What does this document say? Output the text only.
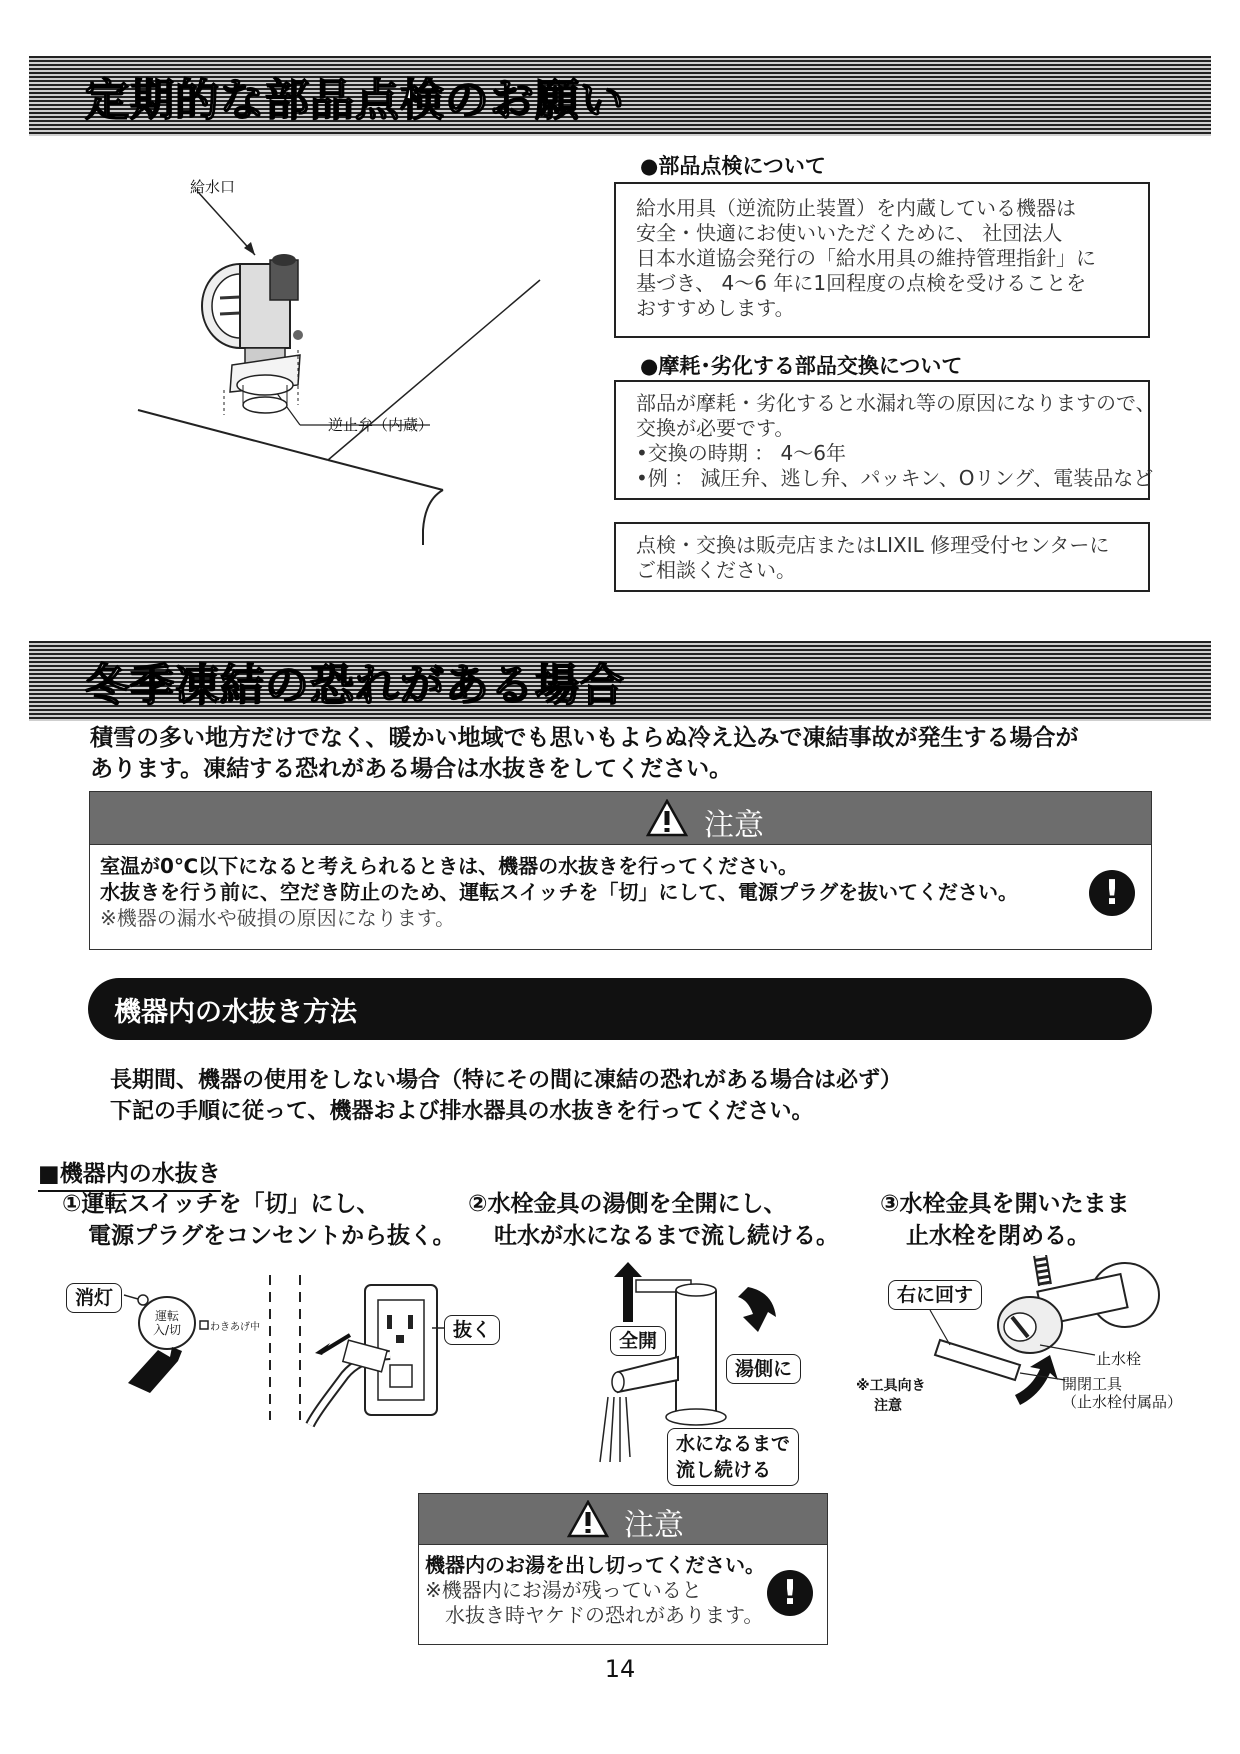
定期的な部品点検のお願い
給水口
逆止弁（内蔵）
●部品点検について
給水用具（逆流防止装置）を内蔵している機器は
安全・快適にお使いいただくために、 社団法人
日本水道協会発行の「給水用具の維持管理指針」に
基づき、 4～6 年に1回程度の点検を受けることを
おすすめします。
●摩耗･劣化する部品交換について
部品が摩耗・劣化すると水漏れ等の原因になりますので、
交換が必要です。
•交換の時期 ： 4～6年
•例 ： 減圧弁、逃し弁、パッキン、Oリング、電装品など
点検・交換は販売店またはLIXIL 修理受付センターに
ご相談ください。
冬季凍結の恐れがある場合
積雪の多い地方だけでなく、暖かい地域でも思いもよらぬ冷え込みで凍結事故が発生する場合が
あります。凍結する恐れがある場合は水抜きをしてください。
注意
室温が0℃以下になると考えられるときは、機器の水抜きを行ってください。
水抜きを行う前に、空だき防止のため、運転スイッチを「切」にして、電源プラグを抜いてください。
※機器の漏水や破損の原因になります。
!
機器内の水抜き方法
長期間、機器の使用をしない場合（特にその間に凍結の恐れがある場合は必ず）
下記の手順に従って、機器および排水器具の水抜きを行ってください。
■機器内の水抜き
①運転スイッチを「切」にし、
電源プラグをコンセントから抜く。
②水栓金具の湯側を全開にし、
吐水が水になるまで流し続ける。
③水栓金具を開いたまま
止水栓を閉める。
消灯
運転
入/切	わきあげ中	抜く	全開
湯側に
水になるまで
流し続ける
右に回す
※工具向き
注意
止水栓
開閉工具
（止水栓付属品）
注意
機器内のお湯を出し切ってください。
※機器内にお湯が残っていると
水抜き時ヤケドの恐れがあります。
!
14
